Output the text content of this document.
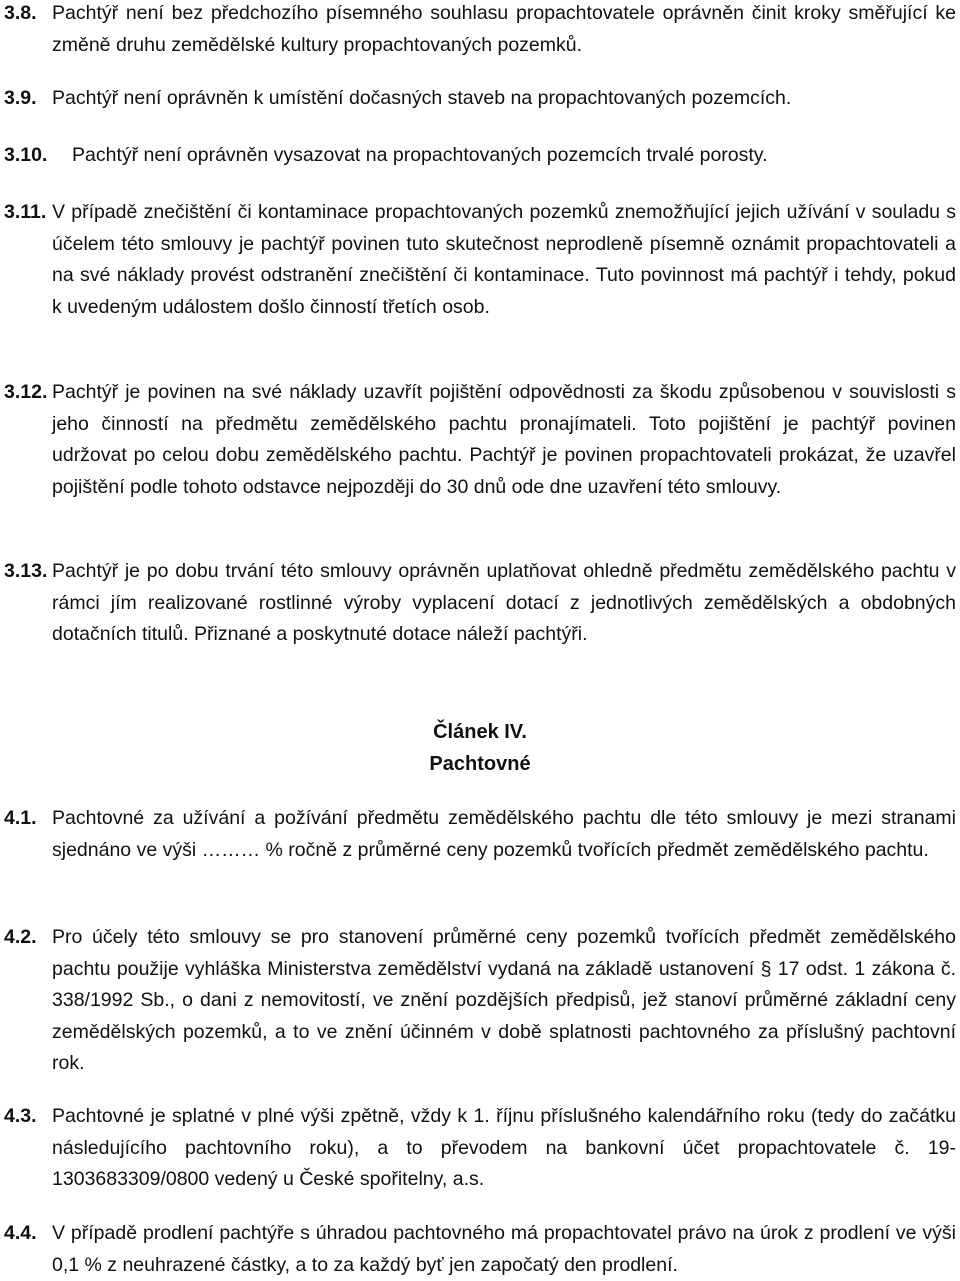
3.8. Pachtýř není bez předchozího písemného souhlasu propachtovatele oprávněn činit kroky směřující ke změně druhu zemědělské kultury propachtovaných pozemků.
3.9. Pachtýř není oprávněn k umístění dočasných staveb na propachtovaných pozemcích.
3.10. Pachtýř není oprávněn vysazovat na propachtovaných pozemcích trvalé porosty.
3.11. V případě znečištění či kontaminace propachtovaných pozemků znemožňující jejich užívání v souladu s účelem této smlouvy je pachtýř povinen tuto skutečnost neprodleně písemně oznámit propachtovateli a na své náklady provést odstranění znečištění či kontaminace. Tuto povinnost má pachtýř i tehdy, pokud k uvedeným událostem došlo činností třetích osob.
3.12. Pachtýř je povinen na své náklady uzavřít pojištění odpovědnosti za škodu způsobenou v souvislosti s jeho činností na předmětu zemědělského pachtu pronajímateli. Toto pojištění je pachtýř povinen udržovat po celou dobu zemědělského pachtu. Pachtýř je povinen propachtovateli prokázat, že uzavřel pojištění podle tohoto odstavce nejpozději do 30 dnů ode dne uzavření této smlouvy.
3.13. Pachtýř je po dobu trvání této smlouvy oprávněn uplatňovat ohledně předmětu zemědělského pachtu v rámci jím realizované rostlinné výroby vyplacení dotací z jednotlivých zemědělských a obdobných dotačních titulů. Přiznané a poskytnuté dotace náleží pachtýři.
Článek IV.
Pachtovné
4.1. Pachtovné za užívání a požívání předmětu zemědělského pachtu dle této smlouvy je mezi stranami sjednáno ve výši ……… % ročně z průměrné ceny pozemků tvořících předmět zemědělského pachtu.
4.2. Pro účely této smlouvy se pro stanovení průměrné ceny pozemků tvořících předmět zemědělského pachtu použije vyhláška Ministerstva zemědělství vydaná na základě ustanovení § 17 odst. 1 zákona č. 338/1992 Sb., o dani z nemovitostí, ve znění pozdějších předpisů, jež stanoví průměrné základní ceny zemědělských pozemků, a to ve znění účinném v době splatnosti pachtovného za příslušný pachtovní rok.
4.3. Pachtovné je splatné v plné výši zpětně, vždy k 1. říjnu příslušného kalendářního roku (tedy do začátku následujícího pachtovního roku), a to převodem na bankovní účet propachtovatele č. 19-1303683309/0800 vedený u České spořitelny, a.s.
4.4. V případě prodlení pachtýře s úhradou pachtovného má propachtovatel právo na úrok z prodlení ve výši 0,1 % z neuhrazené částky, a to za každý byť jen započatý den prodlení.
